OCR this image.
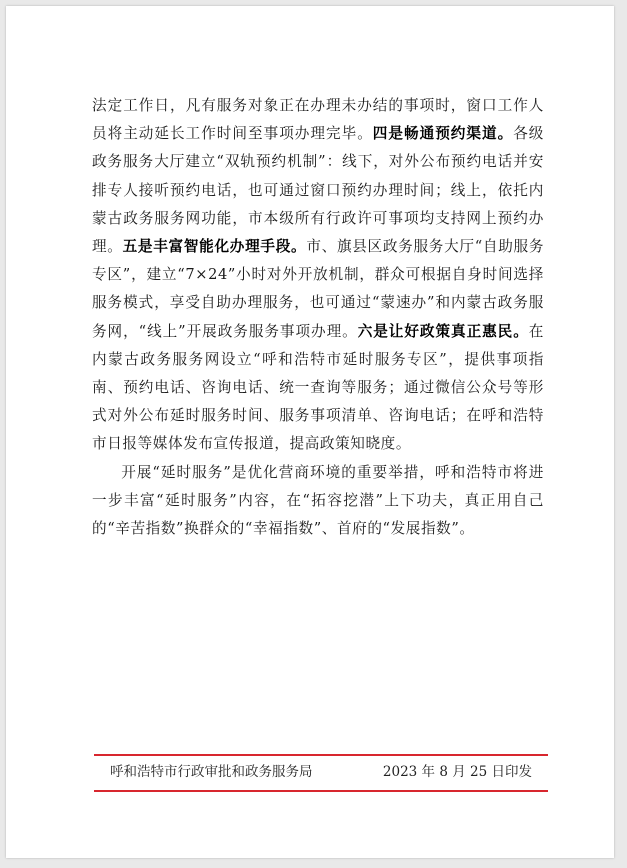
法定工作日，凡有服务对象正在办理未办结的事项时，窗口工作人员将主动延长工作时间至事项办理完毕。四是畅通预约渠道。各级政务服务大厅建立“双轨预约机制”：线下，对外公布预约电话并安排专人接听预约电话，也可通过窗口预约办理时间；线上，依托内蒙古政务服务网功能，市本级所有行政许可事项均支持网上预约办理。五是丰富智能化办理手段。市、旗县区政务服务大厅“自助服务专区”，建立“7×24”小时对外开放机制，群众可根据自身时间选择服务模式，享受自助办理服务，也可通过“蒙速办”和内蒙古政务服务网，“线上”开展政务服务事项办理。六是让好政策真正惠民。在内蒙古政务服务网设立“呼和浩特市延时服务专区”，提供事项指南、预约电话、咨询电话、统一查询等服务；通过微信公众号等形式对外公布延时服务时间、服务事项清单、咨询电话；在呼和浩特市日报等媒体发布宣传报道，提高政策知晓度。

开展“延时服务”是优化营商环境的重要举措，呼和浩特市将进一步丰富“延时服务”内容，在“拓容挖潜”上下功夫，真正用自己的“辛苦指数”换群众的“幸福指数”、首府的“发展指数”。

呼和浩特市行政审批和政务服务局	2023 年 8 月 25 日印发
